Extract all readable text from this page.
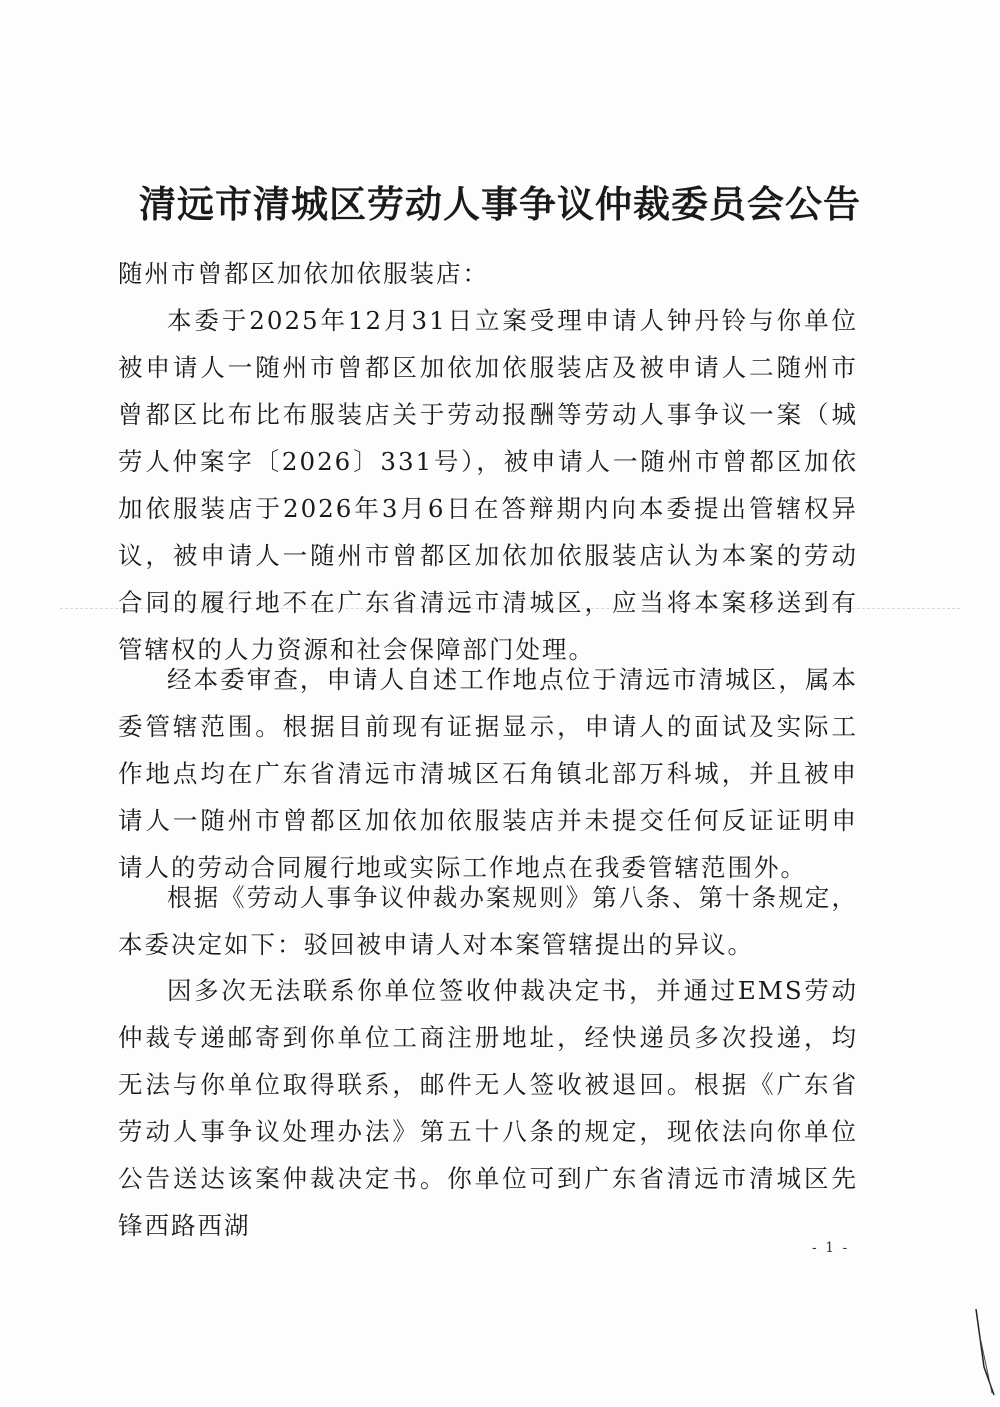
清远市清城区劳动人事争议仲裁委员会公告
随州市曾都区加依加依服装店：
本委于2025年12月31日立案受理申请人钟丹铃与你单位被申请人一随州市曾都区加依加依服装店及被申请人二随州市曾都区比布比布服装店关于劳动报酬等劳动人事争议一案（城劳人仲案字〔2026〕331号），被申请人一随州市曾都区加依加依服装店于2026年3月6日在答辩期内向本委提出管辖权异议，被申请人一随州市曾都区加依加依服装店认为本案的劳动合同的履行地不在广东省清远市清城区，应当将本案移送到有管辖权的人力资源和社会保障部门处理。
经本委审查，申请人自述工作地点位于清远市清城区，属本委管辖范围。根据目前现有证据显示，申请人的面试及实际工作地点均在广东省清远市清城区石角镇北部万科城，并且被申请人一随州市曾都区加依加依服装店并未提交任何反证证明申请人的劳动合同履行地或实际工作地点在我委管辖范围外。
根据《劳动人事争议仲裁办案规则》第八条、第十条规定，本委决定如下：驳回被申请人对本案管辖提出的异议。
因多次无法联系你单位签收仲裁决定书，并通过EMS劳动仲裁专递邮寄到你单位工商注册地址，经快递员多次投递，均无法与你单位取得联系，邮件无人签收被退回。根据《广东省劳动人事争议处理办法》第五十八条的规定，现依法向你单位公告送达该案仲裁决定书。你单位可到广东省清远市清城区先锋西路西湖
- 1 -
